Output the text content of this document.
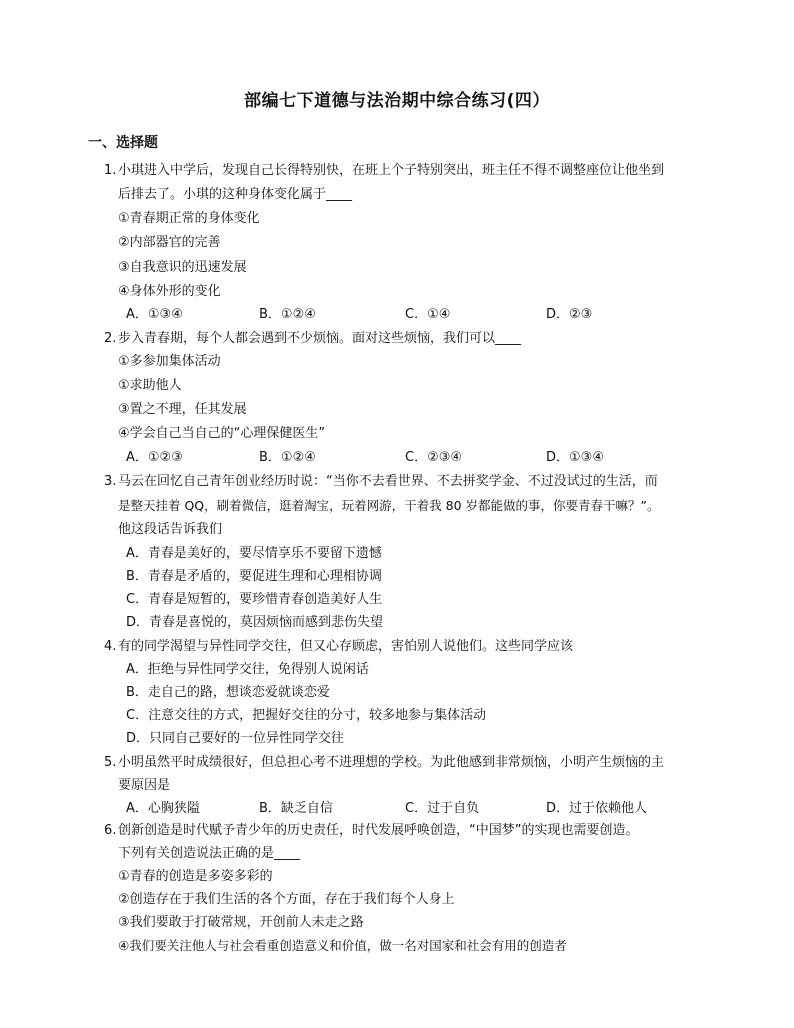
部编七下道德与法治期中综合练习(四）
一、选择题
1. 小琪进入中学后，发现自己长得特别快，在班上个子特别突出，班主任不得不调整座位让他坐到
后排去了。小琪的这种身体变化属于____
①青春期正常的身体变化
②内部器官的完善
③自我意识的迅速发展
④身体外形的变化
A．①③④	B．①②④	C．①④	D．②③
2. 步入青春期，每个人都会遇到不少烦恼。面对这些烦恼，我们可以____
①多参加集体活动
①求助他人
③置之不理，任其发展
④学会自己当自己的“心理保健医生”
A．①②③	B．①②④	C．②③④	D．①③④
3. 马云在回忆自己青年创业经历时说：“当你不去看世界、不去拼奖学金、不过没试过的生活，而
是整天挂着 QQ，刷着微信，逛着淘宝，玩着网游，干着我 80 岁都能做的事，你要青春干嘛？”。
他这段话告诉我们
A．青春是美好的，要尽情享乐不要留下遗憾
B．青春是矛盾的，要促进生理和心理相协调
C．青春是短暂的，要珍惜青春创造美好人生
D．青春是喜悦的，莫因烦恼而感到悲伤失望
4. 有的同学渴望与异性同学交往，但又心存顾虑，害怕别人说他们。这些同学应该
A．拒绝与异性同学交往，免得别人说闲话
B．走自己的路，想谈恋爱就谈恋爱
C．注意交往的方式，把握好交往的分寸，较多地参与集体活动
D．只同自己要好的一位异性同学交往
5. 小明虽然平时成绩很好，但总担心考不进理想的学校。为此他感到非常烦恼，小明产生烦恼的主
要原因是
A．心胸狭隘	B．缺乏自信	C．过于自负	D．过于依赖他人
6. 创新创造是时代赋予青少年的历史责任，时代发展呼唤创造，“中国梦”的实现也需要创造。
下列有关创造说法正确的是____
①青春的创造是多姿多彩的
②创造存在于我们生活的各个方面，存在于我们每个人身上
③我们要敢于打破常规，开创前人未走之路
④我们要关注他人与社会看重创造意义和价值，做一名对国家和社会有用的创造者
